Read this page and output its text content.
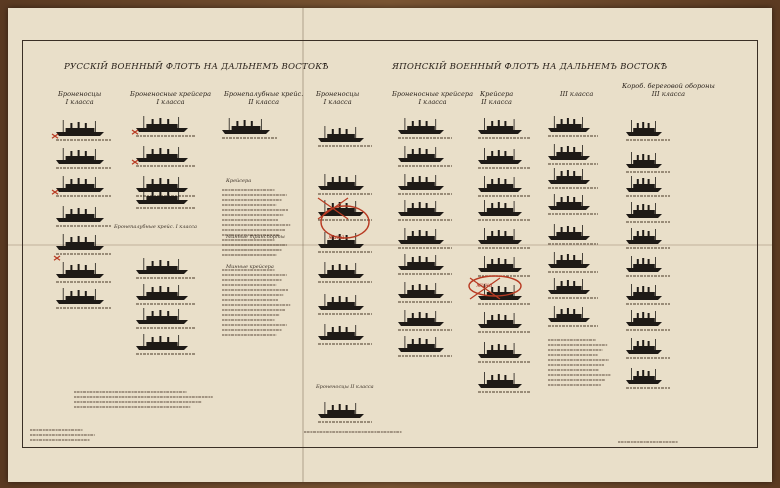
РУССКІЙ ВОЕННЫЙ ФЛОТЪ НА ДАЛЬНЕМЪ ВОСТОКѢ	ЯПОНСКІЙ ВОЕННЫЙ ФЛОТЪ НА ДАЛЬНЕМЪ ВОСТОКѢ
Броненосцы
I класса
Броненосные крейсера
I класса
Бронепалубные крейс.
II класса
Броненосцы
I класса
Броненосные крейсера
I класса
Крейсера
II класса
III класса
Короб. береговой обороны
III класса
Крейсера
Минные транспорты
Минные крейсера
Бронепалубные крейс. I класса
Броненосцы II класса
мина
мина
